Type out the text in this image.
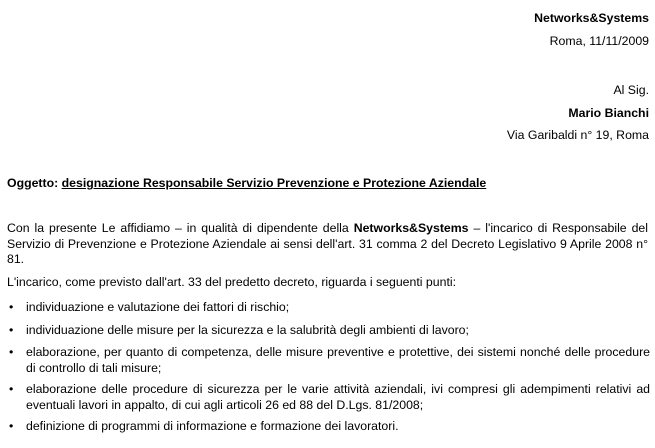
Networks&Systems
Roma, 11/11/2009
Al Sig.
Mario Bianchi
Via Garibaldi n° 19, Roma
Oggetto: designazione Responsabile Servizio Prevenzione e Protezione Aziendale
Con la presente Le affidiamo – in qualità di dipendente della Networks&Systems – l'incarico di Responsabile del Servizio di Prevenzione e Protezione Aziendale ai sensi dell'art. 31 comma 2 del Decreto Legislativo 9 Aprile 2008 n° 81.
L'incarico, come previsto dall'art. 33 del predetto decreto, riguarda i seguenti punti:
• individuazione e valutazione dei fattori di rischio;
• individuazione delle misure per la sicurezza e la salubrità degli ambienti di lavoro;
• elaborazione, per quanto di competenza, delle misure preventive e protettive, dei sistemi nonché delle procedure di controllo di tali misure;
• elaborazione delle procedure di sicurezza per le varie attività aziendali, ivi compresi gli adempimenti relativi ad eventuali lavori in appalto, di cui agli articoli 26 ed 88 del D.Lgs. 81/2008;
• definizione di programmi di informazione e formazione dei lavoratori.
